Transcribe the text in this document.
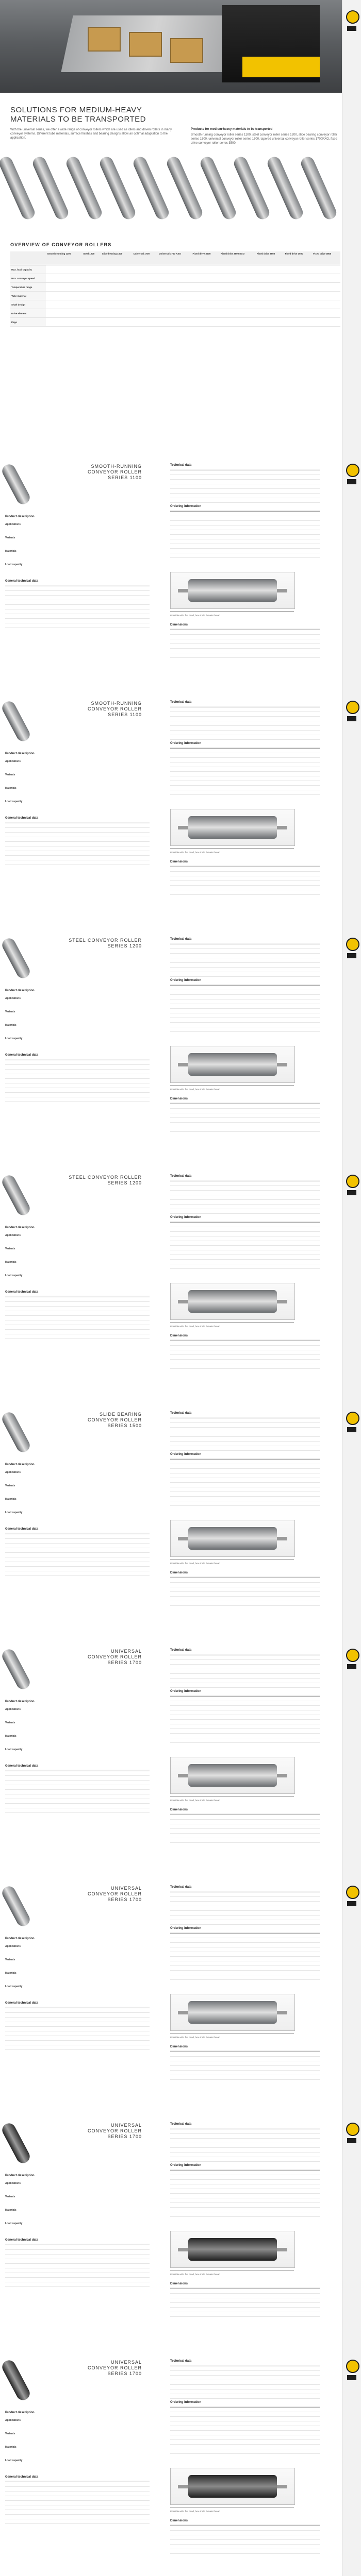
SOLUTIONS FOR MEDIUM-HEAVY
MATERIALS TO BE TRANSPORTED
With the universal series, we offer a wide range of conveyor rollers which are used as idlers and driven rollers in many conveyor systems. Different tube materials, surface finishes and bearing designs allow an optimal adaptation to the application.
Products for medium-heavy materials to be transported
Smooth-running conveyor roller series 1100, steel conveyor roller series 1200, slide bearing conveyor roller series 1500, universal conveyor roller series 1700, tapered universal conveyor roller series 1700KXO, fixed drive conveyor roller series 3500.
OVERVIEW OF CONVEYOR ROLLERS
	Smooth-running 1100	Steel 1200	Slide bearing 1500	Universal 1700	Universal 1700 KXO	Fixed drive 3500	Fixed drive 3500 KXO	Fixed drive 3560	Fixed drive 3600	Fixed drive 3800
Max. load capacity										
Max. conveyor speed										
Temperature range										
Tube material										
Shaft design										
Drive element										
Page										
SMOOTH-RUNNING
CONVEYOR ROLLER
SERIES 1100
Product description
Applications
Variants
Materials
Load capacity
General technical data

Technical data

Ordering information

Possible with: flat head, hex shaft, female thread
Dimensions

SMOOTH-RUNNING
CONVEYOR ROLLER
SERIES 1100
Product description
Applications
Variants
Materials
Load capacity
General technical data

Technical data

Ordering information

Possible with: flat head, hex shaft, female thread
Dimensions

STEEL CONVEYOR ROLLER
SERIES 1200
Product description
Applications
Variants
Materials
Load capacity
General technical data

Technical data

Ordering information

Possible with: flat head, hex shaft, female thread
Dimensions

STEEL CONVEYOR ROLLER
SERIES 1200
Product description
Applications
Variants
Materials
Load capacity
General technical data

Technical data

Ordering information

Possible with: flat head, hex shaft, female thread
Dimensions

SLIDE BEARING
CONVEYOR ROLLER
SERIES 1500
Product description
Applications
Variants
Materials
Load capacity
General technical data

Technical data

Ordering information

Possible with: flat head, hex shaft, female thread
Dimensions

UNIVERSAL
CONVEYOR ROLLER
SERIES 1700
Product description
Applications
Variants
Materials
Load capacity
General technical data

Technical data

Ordering information

Possible with: flat head, hex shaft, female thread
Dimensions

UNIVERSAL
CONVEYOR ROLLER
SERIES 1700
Product description
Applications
Variants
Materials
Load capacity
General technical data

Technical data

Ordering information

Possible with: flat head, hex shaft, female thread
Dimensions

UNIVERSAL
CONVEYOR ROLLER
SERIES 1700
Product description
Applications
Variants
Materials
Load capacity
General technical data

Technical data

Ordering information

Possible with: flat head, hex shaft, female thread
Dimensions

UNIVERSAL
CONVEYOR ROLLER
SERIES 1700
Product description
Applications
Variants
Materials
Load capacity
General technical data

Technical data

Ordering information

Possible with: flat head, hex shaft, female thread
Dimensions
